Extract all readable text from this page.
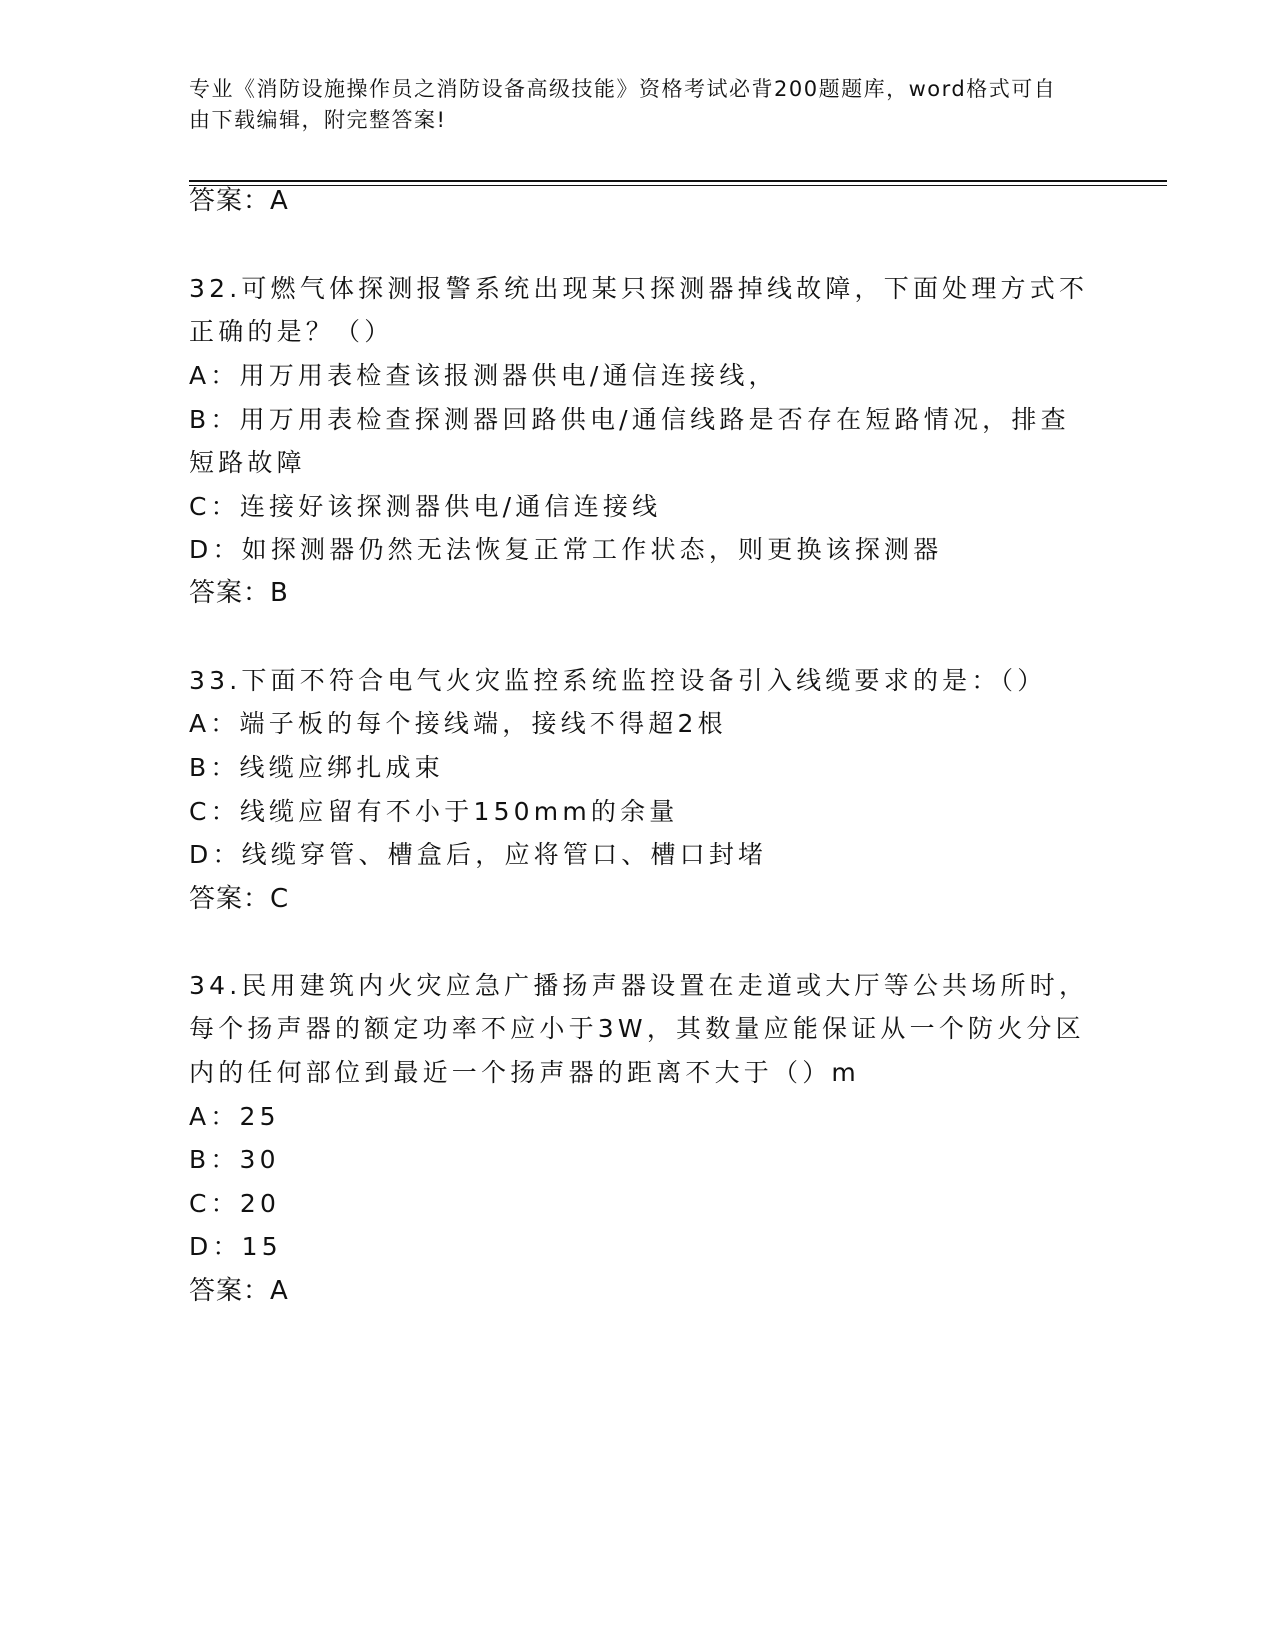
专业《消防设施操作员之消防设备高级技能》资格考试必背200题题库，word格式可自由下载编辑，附完整答案!
答案：A
32.可燃气体探测报警系统出现某只探测器掉线故障，下面处理方式不
正确的是？（）
A：用万用表检查该报测器供电/通信连接线，
B：用万用表检查探测器回路供电/通信线路是否存在短路情况，排查
短路故障
C：连接好该探测器供电/通信连接线
D：如探测器仍然无法恢复正常工作状态，则更换该探测器
答案：B
33.下面不符合电气火灾监控系统监控设备引入线缆要求的是：（）
A：端子板的每个接线端，接线不得超2根
B：线缆应绑扎成束
C：线缆应留有不小于150mm的余量
D：线缆穿管、槽盒后，应将管口、槽口封堵
答案：C
34.民用建筑内火灾应急广播扬声器设置在走道或大厅等公共场所时，
每个扬声器的额定功率不应小于3W，其数量应能保证从一个防火分区
内的任何部位到最近一个扬声器的距离不大于（）m
A：25
B：30
C：20
D：15
答案：A
